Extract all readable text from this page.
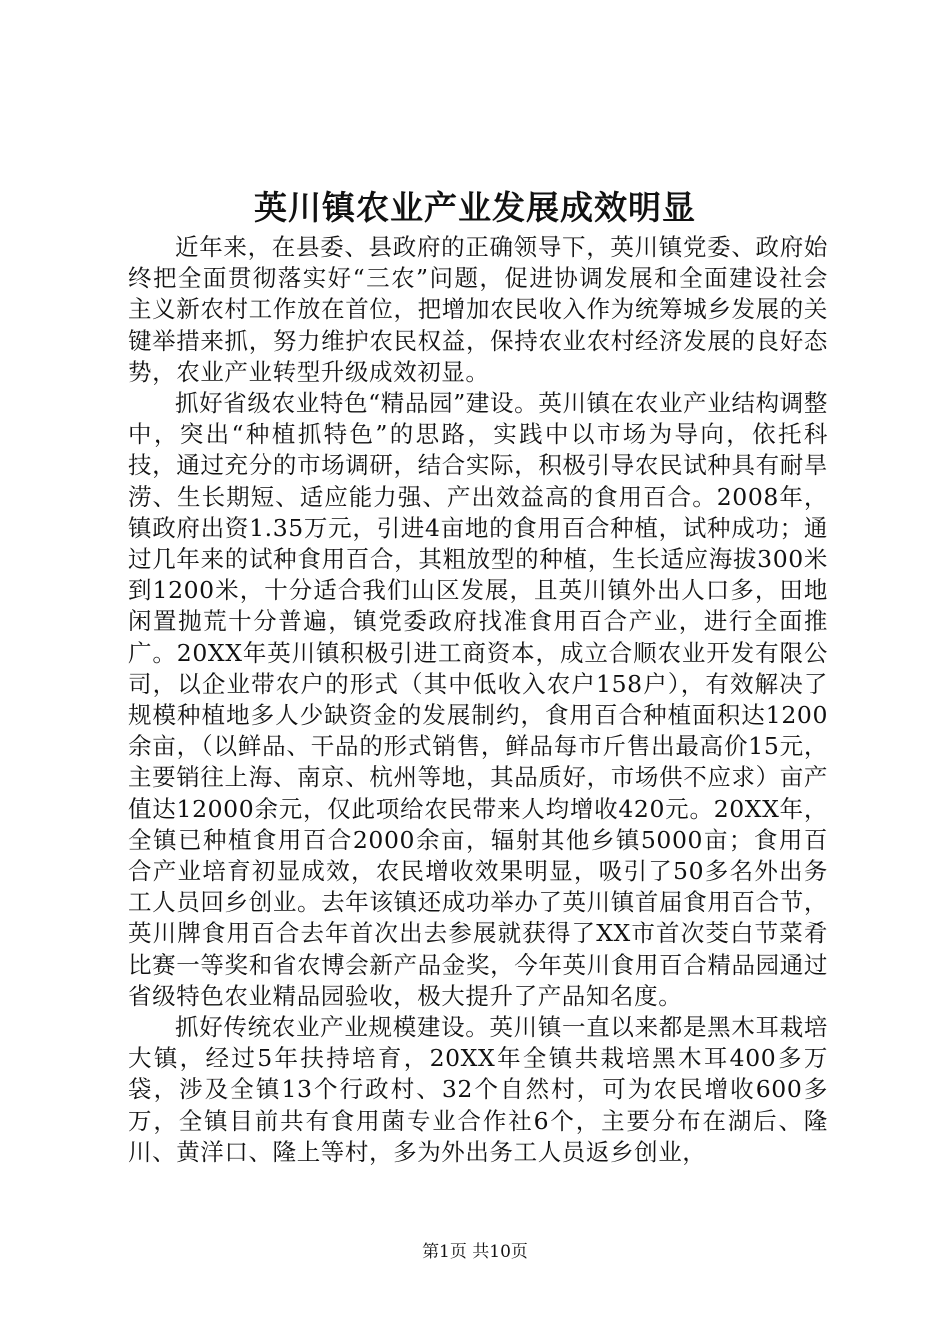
英川镇农业产业发展成效明显

近年来，在县委、县政府的正确领导下，英川镇党委、政府始终把全面贯彻落实好“三农”问题，促进协调发展和全面建设社会主义新农村工作放在首位，把增加农民收入作为统筹城乡发展的关键举措来抓，努力维护农民权益，保持农业农村经济发展的良好态势，农业产业转型升级成效初显。

抓好省级农业特色“精品园”建设。英川镇在农业产业结构调整中，突出“种植抓特色”的思路，实践中以市场为导向，依托科技，通过充分的市场调研，结合实际，积极引导农民试种具有耐旱涝、生长期短、适应能力强、产出效益高的食用百合。2008年，镇政府出资1.35万元，引进4亩地的食用百合种植，试种成功；通过几年来的试种食用百合，其粗放型的种植，生长适应海拔300米到1200米，十分适合我们山区发展，且英川镇外出人口多，田地闲置抛荒十分普遍，镇党委政府找准食用百合产业，进行全面推广。20XX年英川镇积极引进工商资本，成立合顺农业开发有限公司，以企业带农户的形式（其中低收入农户158户），有效解决了规模种植地多人少缺资金的发展制约，食用百合种植面积达1200余亩，（以鲜品、干品的形式销售，鲜品每市斤售出最高价15元，主要销往上海、南京、杭州等地，其品质好，市场供不应求）亩产值达12000余元，仅此项给农民带来人均增收420元。20XX年，全镇已种植食用百合2000余亩，辐射其他乡镇5000亩；食用百合产业培育初显成效，农民增收效果明显，吸引了50多名外出务工人员回乡创业。去年该镇还成功举办了英川镇首届食用百合节，英川牌食用百合去年首次出去参展就获得了XX市首次茭白节菜肴比赛一等奖和省农博会新产品金奖，今年英川食用百合精品园通过省级特色农业精品园验收，极大提升了产品知名度。

抓好传统农业产业规模建设。英川镇一直以来都是黑木耳栽培大镇，经过5年扶持培育，20XX年全镇共栽培黑木耳400多万袋，涉及全镇13个行政村、32个自然村，可为农民增收600多万，全镇目前共有食用菌专业合作社6个，主要分布在湖后、隆川、黄洋口、隆上等村，多为外出务工人员返乡创业，

第1页 共10页
